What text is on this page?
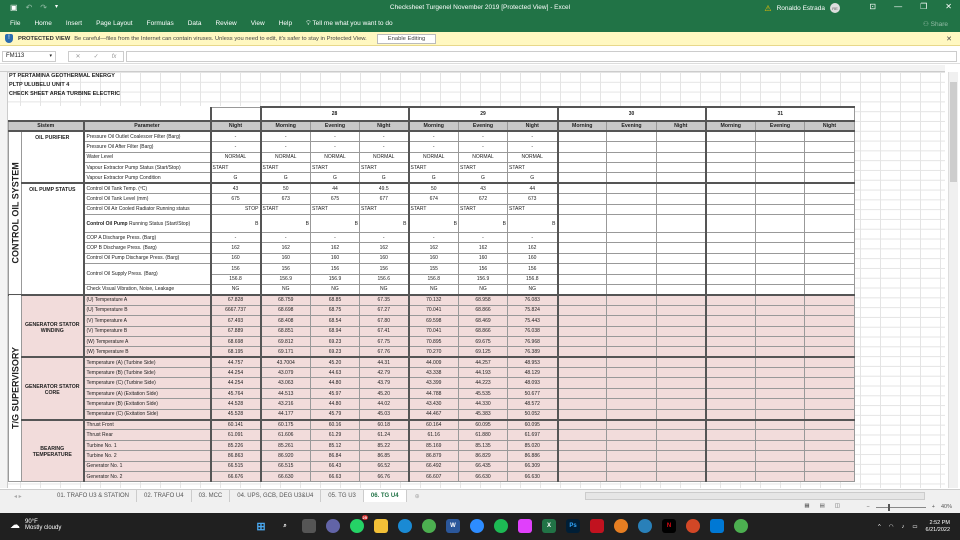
▣ ↶ ↷ ▾	Checksheet Turgenel November 2019 [Protected View] - Excel	⚠ Ronaldo Estrada	RE	⊡ — ❐ ✕
File Home Insert Page Layout Formulas Data Review View Help 💡︎ Tell me what you want to do	⚇ Share
!	PROTECTED VIEW Be careful—files from the Internet can contain viruses. Unless you need to edit, it's safer to stay in Protected View.	Enable Editing	✕
FM113	▾	✕ ✓ fx
PT PERTAMINA GEOTHERMAL ENERGY
PLTP ULUBELU UNIT 4
CHECK SHEET AREA TURBINE ELECTRIC
				28			29			30			31		
Sistem		Parameter	Night	Morning	Evening	Night	Morning	Evening	Night	Morning	Evening	Night	Morning	Evening	Night
CONTROL OIL SYSTEM	OIL PURIFIER	Pressure Oil Outlet Coalescer Filter (Barg)	-	-	-	-	-	-	-						
		Pressure Oil After Filter (Barg)	-	-	-	-	-	-	-						
		Water Level	NORMAL	NORMAL	NORMAL	NORMAL	NORMAL	NORMAL	NORMAL						
		Vapour Extractor Pump Status (Start/Stop)	START	START	START	START	START	START	START						
		Vapour Extractor Pump Condition	G	G	G	G	G	G	G						
	OIL PUMP STATUS	Control Oil Tank Temp. (ºC)	43	50	44	49.5	50	43	44						
		Control Oil Tank Level (mm)	675	673	675	677	674	672	673						
		Control Oil Air Cooled Radiator Running status	STOP	START	START	START	START	START	START						
		Control Oil Pump Running Status (Start/Stop)	B	B	B	B	B	B	B						
		COP A Discharge Press. (Barg)	-	-	-	-	-	-	-						
		COP B Discharge Press. (Barg)	162	162	162	162	162	162	162						
		Control Oil Pump Discharge Press. (Barg)	160	160	160	160	160	160	160						
		Control Oil Supply Press. (Barg)	156	156	156	156	155	156	156						
			156.8	156.9	156.9	156.6	156.8	156.9	156.8						
		Check Visual Vibration, Noise, Leakage	NG	NG	NG	NG	NG	NG	NG						
T/G SUPERVISORY	GENERATOR STATOR WINDING	(U) Temperature A	67.828	68.759	68.85	67.35	70.132	68.958	76.083						
		(U) Temperature B	6667.737	68.698	68.75	67.27	70.041	68.866	75.824						
		(V) Temperature A	67.493	68.408	68.54	67.80	69.598	68.469	75.443						
		(V) Temperature B	67.889	68.851	68.94	67.41	70.041	68.866	76.038						
		(W) Temperature A	68.698	69.812	69.23	67.75	70.895	69.675	76.968						
		(W) Temperature B	68.195	69.171	69.23	67.76	70.270	69.125	76.389						
	GENERATOR STATOR CORE	Temperature (A) (Turbine Side)	44.757	43.7004	45.20	44.31	44.009	44.257	48.953						
		Temperature (B) (Turbine Side)	44.254	43.079	44.63	42.79	43.338	44.193	48.129						
		Temperature (C) (Turbine Side)	44.254	43.063	44.80	43.79	43.399	44.223	48.093						
		Temperature (A) (Exitation Side)	45.764	44.513	45.97	45.20	44.788	45.535	50.677						
		Temperature (B) (Exitation Side)	44.528	43.216	44.80	44.02	43.430	44.330	48.572						
		Temperature (C) (Exitation Side)	45.528	44.177	45.79	45.03	44.467	45.383	50.052						
	BEARING TEMPERATURE	Thrust Front	60.141	60.175	60.16	60.18	60.164	60.095	60.095						
		Thrust Rear	61.091	61.606	61.29	61.24	61.16	61.880	61.697						
		Turbine No. 1	85.226	85.261	85.12	85.22	85.169	85.135	85.020						
		Turbine No. 2	86.863	86.920	86.84	86.85	86.879	86.829	86.886						
		Generator No. 1	66.515	66.515	66.43	66.52	66.492	66.435	66.309						
		Generator No. 2	66.676	66.630	66.63	66.76	66.607	66.630	66.630						
◂ ▸	01. TRAFO U3 & STATION	02. TRAFO U4	03. MCC	04. UPS, GCB, DEG U3&U4	05. TG U3	06. TG U4	⊕
▦ ▤ ◫	−	+ 40%
☁ 90°F
Mostly cloudy	⊞	⌕
25
W	X	Ps	N	^ ◠ ♪ ▭
2:52 PM
6/21/2022
